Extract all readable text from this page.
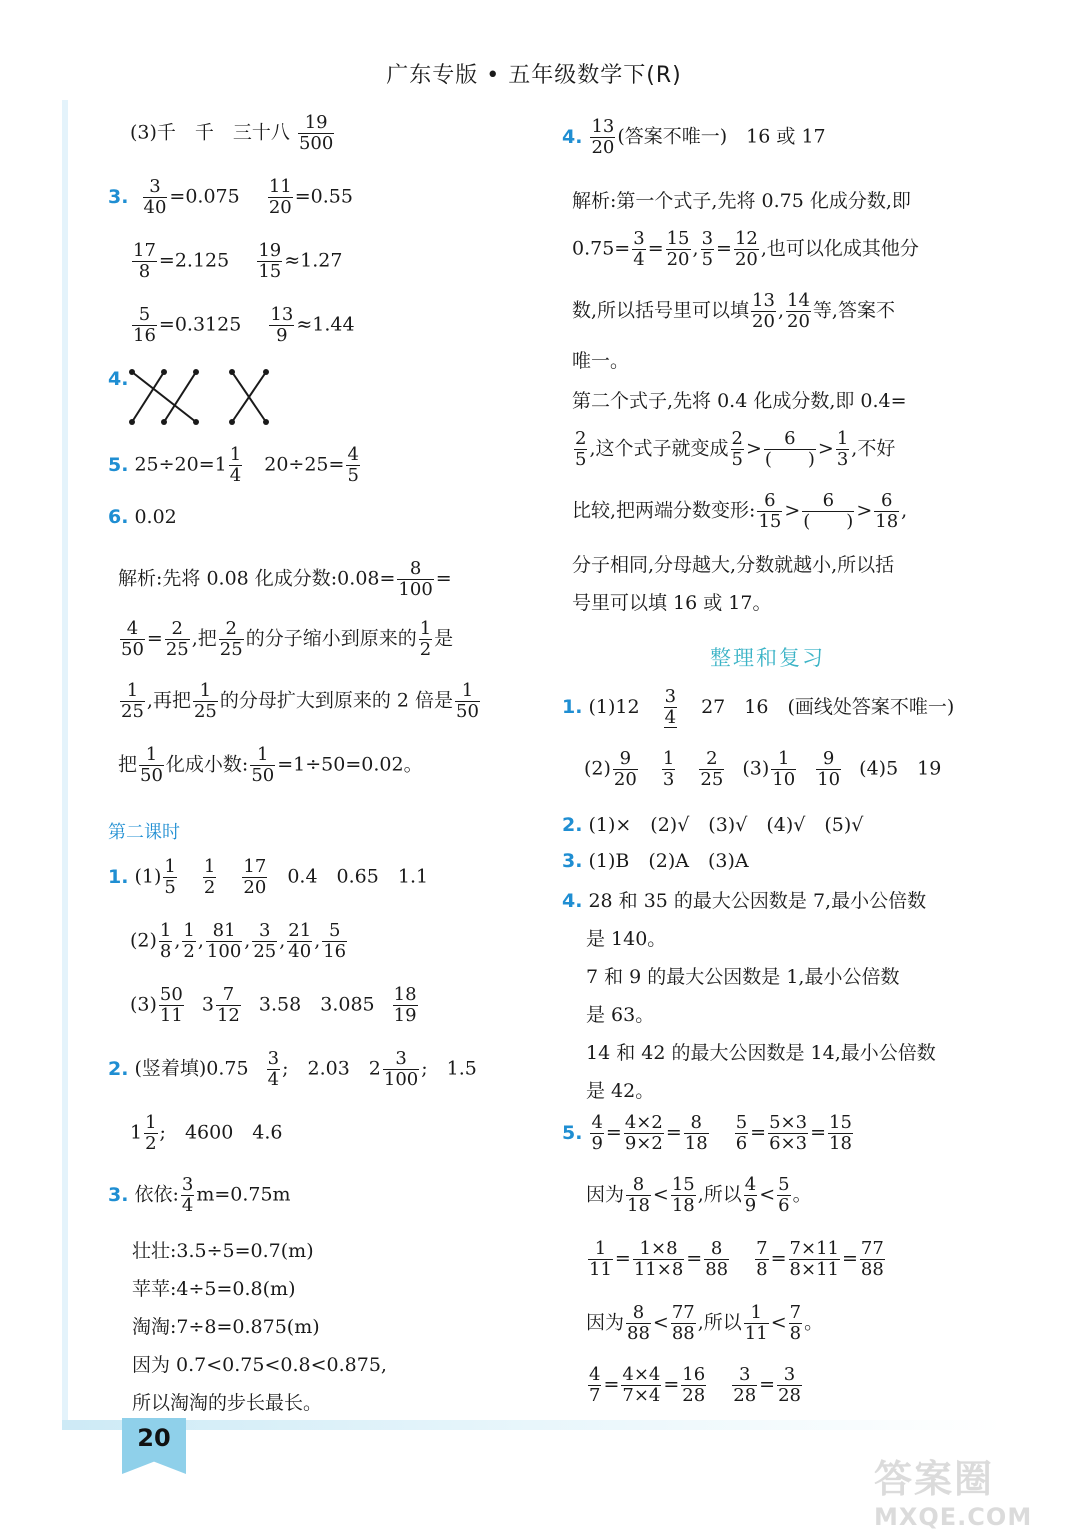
广东专版 • 五年级数学下(R)
(3)千　千　三十八 $\frac{19}{500}$
3. $\frac{3}{40} =0.075 \frac{11}{20} =0.55$
$\frac{17}{8} =2.125 \frac{19}{15} \approx 1.27$
$\frac{5}{16} =0.3125 \frac{13}{9} \approx 1.44$
4.
5. $25\div 20=1 \frac{1}{4} 20\div 25= \frac{4}{5}$
6. 0.02
解析:先将 0.08 化成分数:0.08= $\frac{8}{100}$ =
$\frac{4}{50} = \frac{2}{25}$ ,把 $\frac{2}{25}$ 的分子缩小到原来的 $\frac{1}{2}$ 是
$\frac{1}{25}$ ,再把 $\frac{1}{25}$ 的分母扩大到原来的 2 倍是 $\frac{1}{50}$
把 $\frac{1}{50}$ 化成小数: $\frac{1}{50} =1\div 50=0.02$。
第二课时
1. $(1) \frac{1}{5}$
$\frac{1}{2}$
$\frac{17}{20} 0.4$　0.65　1.1
$(2) \frac{1}{8}$ , $\frac{1}{2}$ , $\frac{81}{100}$ , $\frac{3}{25}$ , $\frac{21}{40}$ , $\frac{5}{16}$
$(3) \frac{50}{11} 3 \frac{7}{12} 3.58$　$3.085 \frac{18}{19}$
2. (竖着填)$0.75 \frac{3}{4}$ ;　2.03　$2 \frac{3}{100}$ ;　1.5
$1 \frac{1}{2}$ ;　4600　4.6
3. 依依: $\frac{3}{4} m=0.75m$
壮壮:3.5÷5=0.7(m)
苹苹:4÷5=0.8(m)
淘淘:7÷8=0.875(m)
因为 0.7<0.75<0.8<0.875,
所以淘淘的步长最长。
4. $\frac{13}{20}$ (答案不唯一)　16 或 17
解析:第一个式子,先将 0.75 化成分数,即
$0.75= \frac{3}{4} = \frac{15}{20}$ , $\frac{3}{5} = \frac{12}{20}$ ,也可以化成其他分
数,所以括号里可以填 $\frac{13}{20}$ , $\frac{14}{20}$ 等,答案不
唯一。
第二个式子,先将 0.4 化成分数,即 0.4=
$\frac{2}{5}$ ,这个式子就变成 $\frac{2}{5} > \frac{6}{( )} > \frac{1}{3}$ ,不好
比较,把两端分数变形: $\frac{6}{15} > \frac{6}{( )} > \frac{6}{18}$ ,
分子相同,分母越大,分数就越小,所以括
号里可以填 16 或 17。
整理和复习
1. $(1)12 \frac{3}{4} 27$　16　(画线处答案不唯一)
$(2) \frac{9}{20}$
$\frac{1}{3}$
$\frac{2}{25} (3) \frac{1}{10}$
$\frac{9}{10} (4)5$　19
2. (1)×　(2)√　(3)√　(4)√　(5)√
3. (1)B　(2)A　(3)A
4. 28 和 35 的最大公因数是 7,最小公倍数
是 140。
7 和 9 的最大公因数是 1,最小公倍数
是 63。
14 和 42 的最大公因数是 14,最小公倍数
是 42。
5. $\frac{4}{9} = \frac{4\times 2}{9\times 2} = \frac{8}{18}$
$\frac{5}{6} = \frac{5\times 3}{6\times 3} = \frac{15}{18}$
因为 $\frac{8}{18} < \frac{15}{18}$ ,所以 $\frac{4}{9} < \frac{5}{6}$ 。
$\frac{1}{11} = \frac{1\times 8}{11\times 8} = \frac{8}{88}$
$\frac{7}{8} = \frac{7\times 11}{8\times 11} = \frac{77}{88}$
因为 $\frac{8}{88} < \frac{77}{88}$ ,所以 $\frac{1}{11} < \frac{7}{8}$ 。
$\frac{4}{7} = \frac{4\times 4}{7\times 4} = \frac{16}{28}$
$\frac{3}{28} = \frac{3}{28}$
20
答案圈
MXQE.COM
